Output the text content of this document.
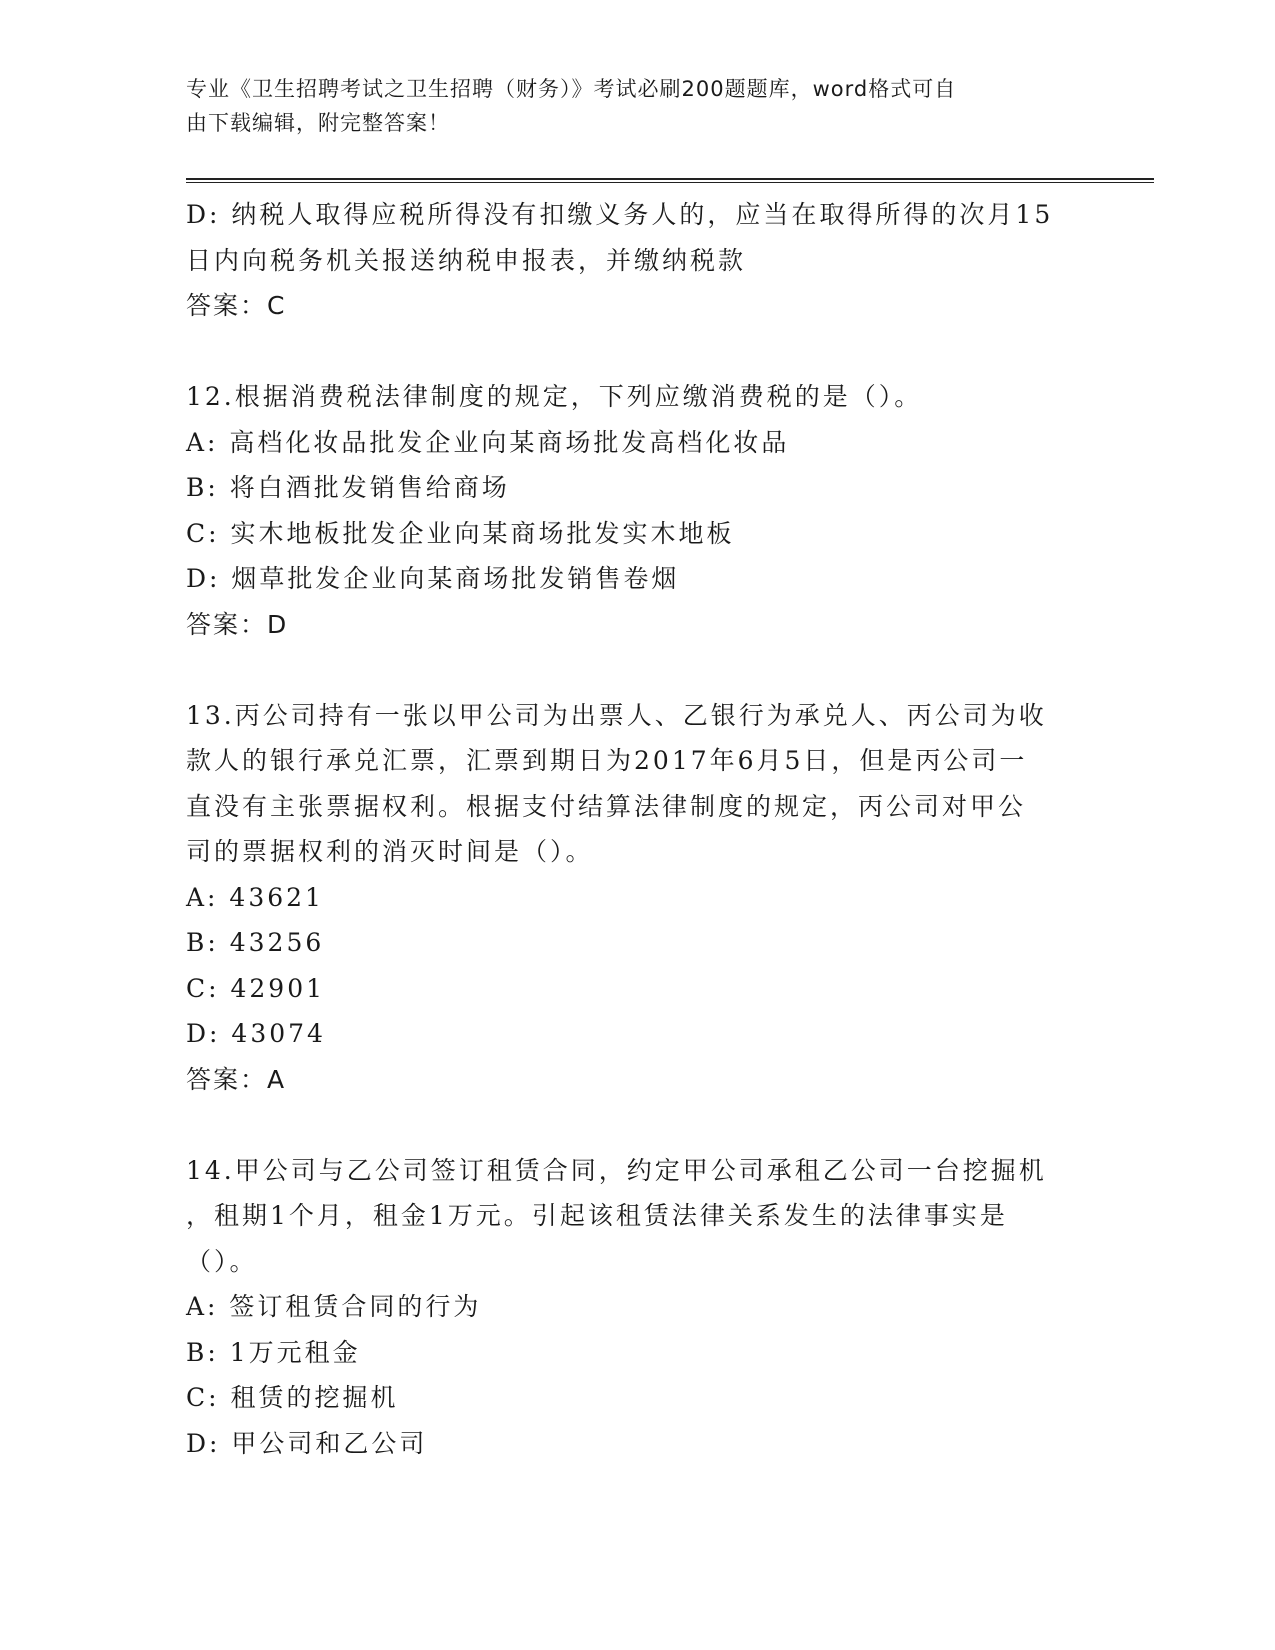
专业《卫生招聘考试之卫生招聘（财务）》考试必刷200题题库，word格式可自
由下载编辑，附完整答案！
D: 纳税人取得应税所得没有扣缴义务人的，应当在取得所得的次月15
日内向税务机关报送纳税申报表，并缴纳税款
答案：C
12.根据消费税法律制度的规定，下列应缴消费税的是（）。
A: 高档化妆品批发企业向某商场批发高档化妆品
B: 将白酒批发销售给商场
C: 实木地板批发企业向某商场批发实木地板
D: 烟草批发企业向某商场批发销售卷烟
答案：D
13.丙公司持有一张以甲公司为出票人、乙银行为承兑人、丙公司为收
款人的银行承兑汇票，汇票到期日为2017年6月5日，但是丙公司一
直没有主张票据权利。根据支付结算法律制度的规定，丙公司对甲公
司的票据权利的消灭时间是（）。
A: 43621
B: 43256
C: 42901
D: 43074
答案：A
14.甲公司与乙公司签订租赁合同，约定甲公司承租乙公司一台挖掘机
，租期1个月，租金1万元。引起该租赁法律关系发生的法律事实是
（）。
A: 签订租赁合同的行为
B: 1万元租金
C: 租赁的挖掘机
D: 甲公司和乙公司
